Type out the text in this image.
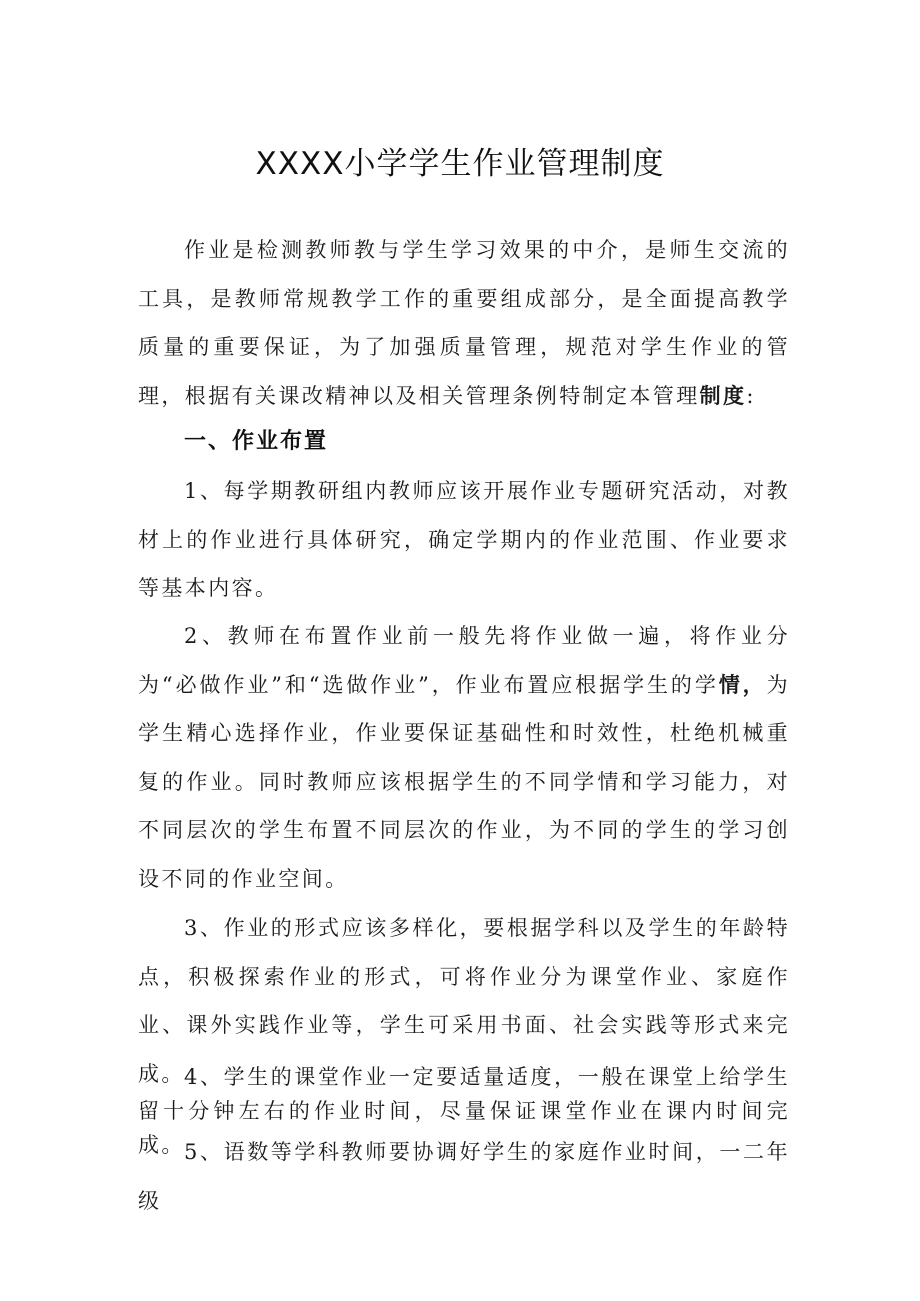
XXXX小学学生作业管理制度

作业是检测教师教与学生学习效果的中介，是师生交流的工具，是教师常规教学工作的重要组成部分，是全面提高教学质量的重要保证，为了加强质量管理，规范对学生作业的管理，根据有关课改精神以及相关管理条例特制定本管理制度:

一、作业布置

1、每学期教研组内教师应该开展作业专题研究活动，对教材上的作业进行具体研究，确定学期内的作业范围、作业要求等基本内容。

2、教师在布置作业前一般先将作业做一遍，将作业分为“必做作业”和“选做作业”，作业布置应根据学生的学情，为学生精心选择作业，作业要保证基础性和时效性，杜绝机械重复的作业。同时教师应该根据学生的不同学情和学习能力，对不同层次的学生布置不同层次的作业，为不同的学生的学习创设不同的作业空间。

3、作业的形式应该多样化，要根据学科以及学生的年龄特点，积极探索作业的形式，可将作业分为课堂作业、家庭作业、课外实践作业等，学生可采用书面、社会实践等形式来完成。 4、学生的课堂作业一定要适量适度，一般在课堂上给学生留十分钟左右的作业时间，尽量保证课堂作业在课内时间完成。 5、语数等学科教师要协调好学生的家庭作业时间，一二年级
